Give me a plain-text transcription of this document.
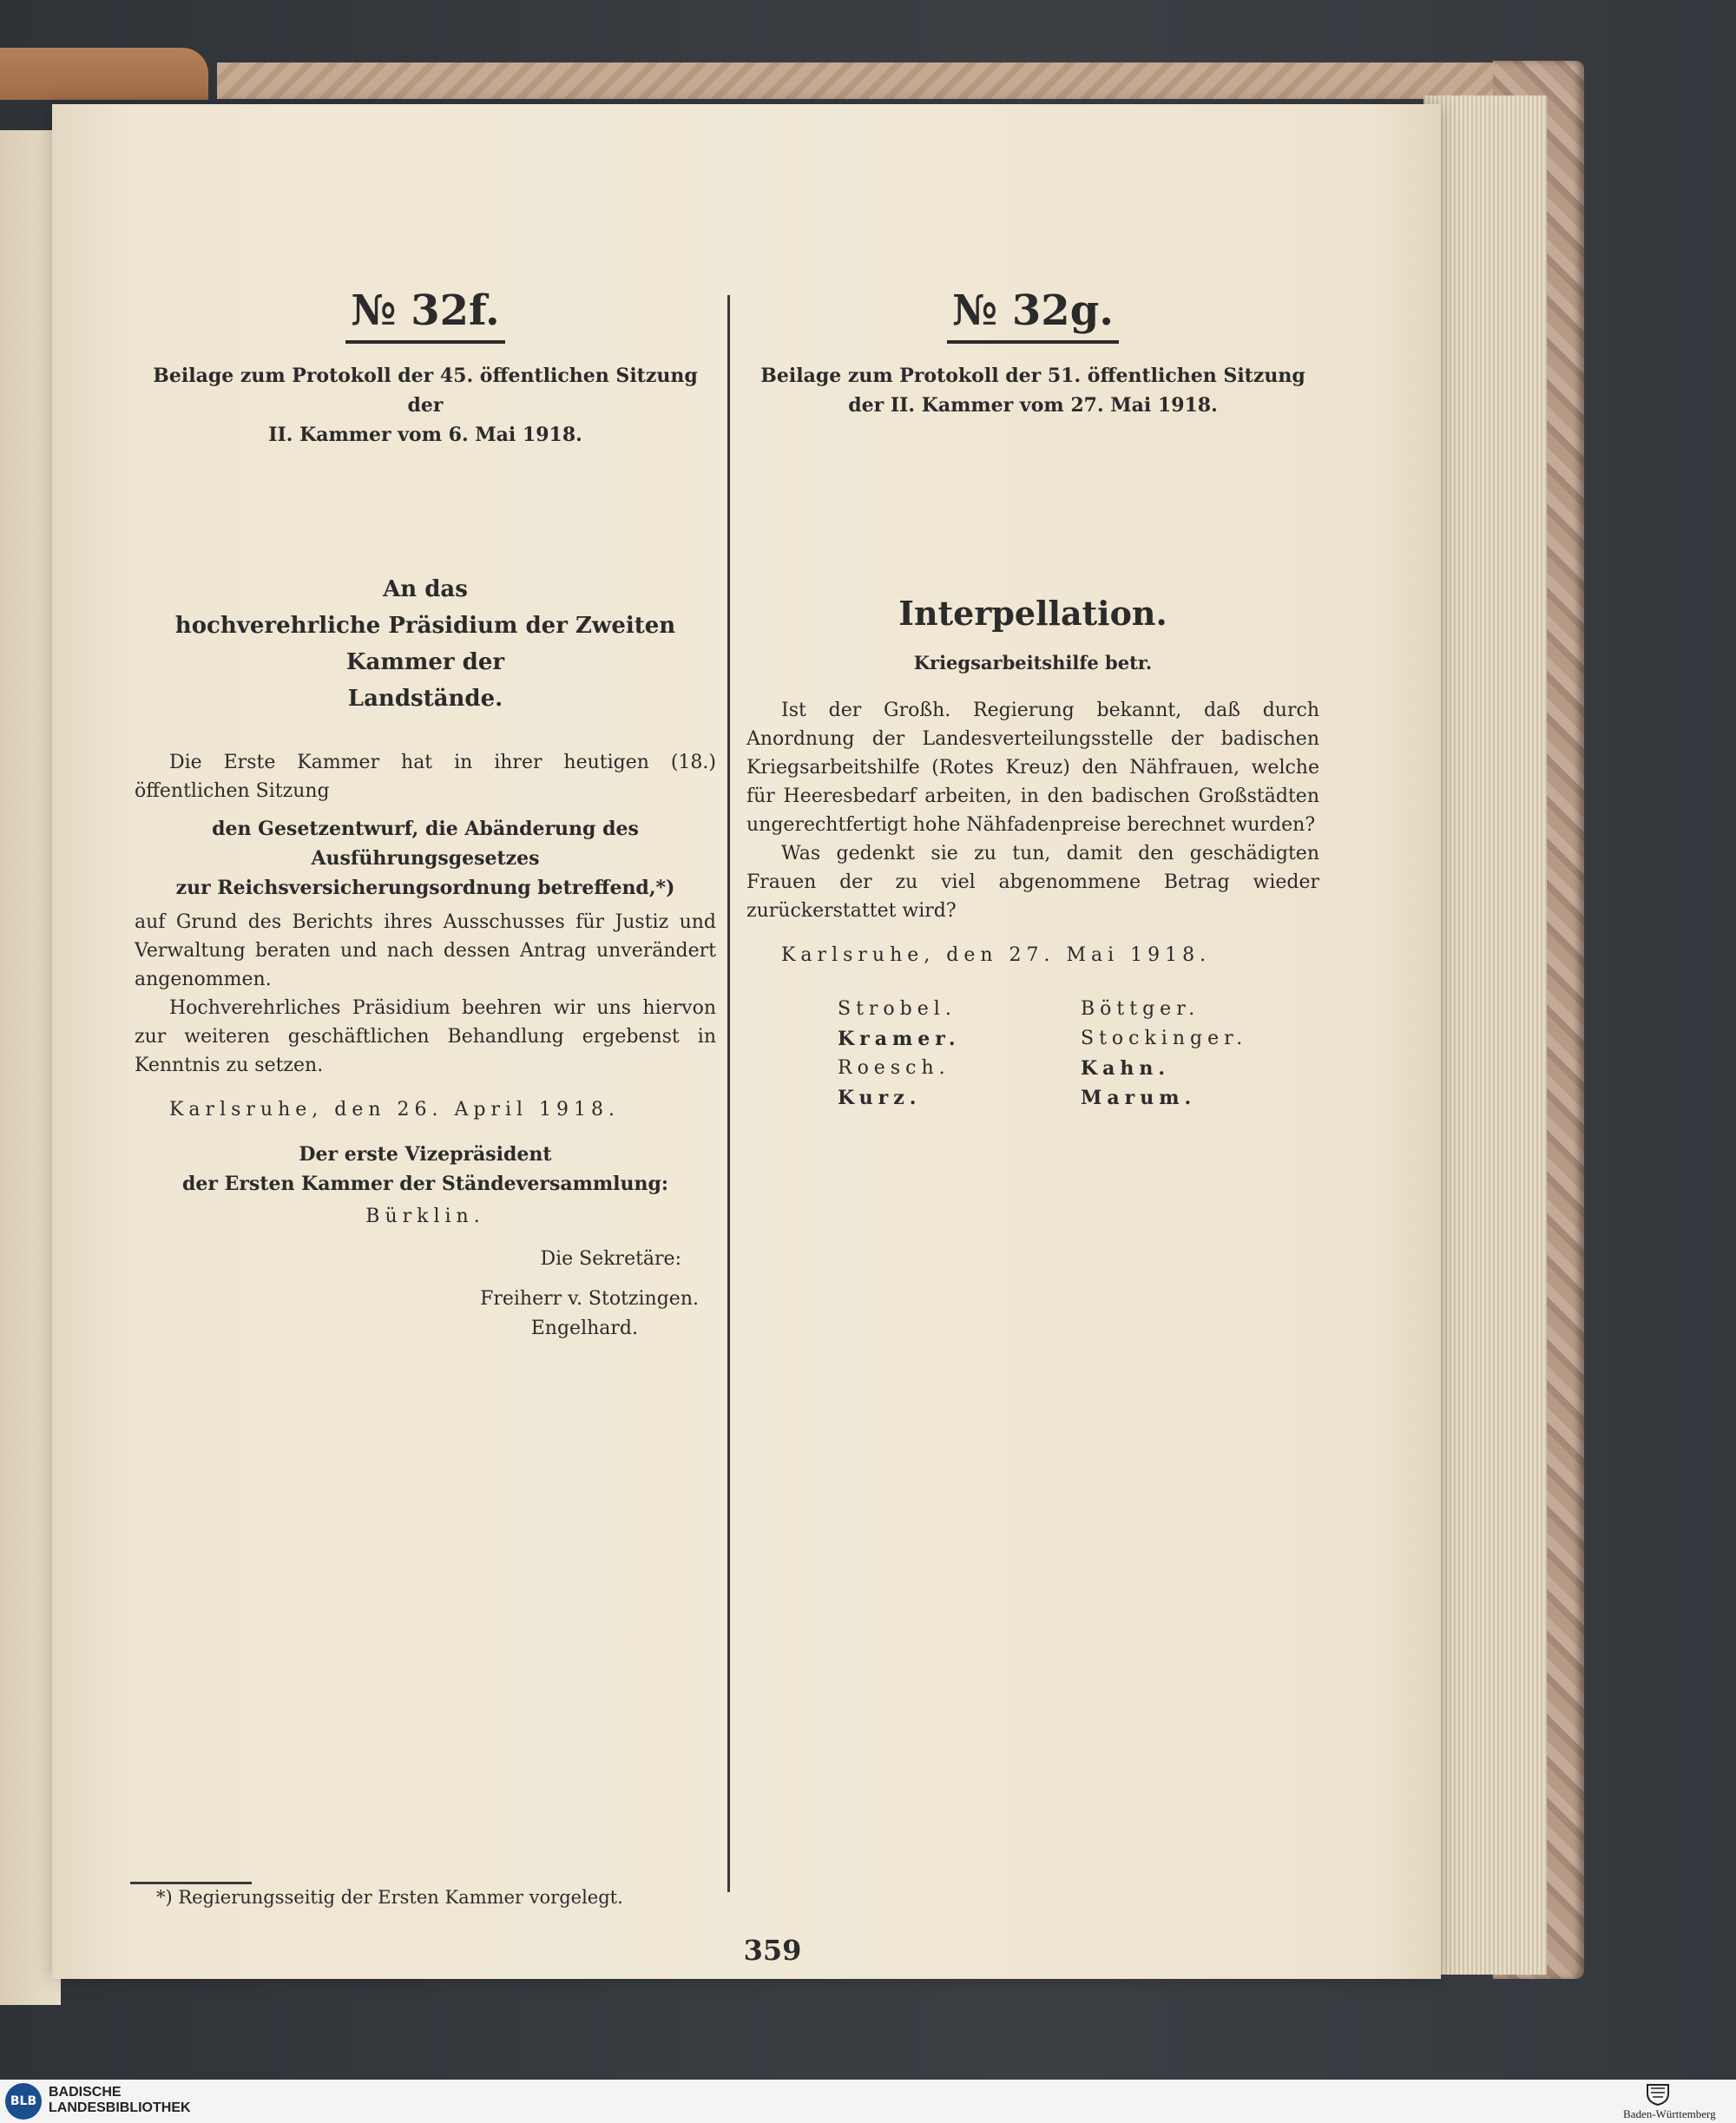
№ 32f.
Beilage zum Protokoll der 45. öffentlichen Sitzung der
II. Kammer vom 6. Mai 1918.
An das
hochverehrliche Präsidium der Zweiten Kammer der
Landstände.

Die Erste Kammer hat in ihrer heutigen (18.) öffentlichen Sitzung

den Gesetzentwurf, die Abänderung des Ausführungsgesetzes
zur Reichsversicherungsordnung betreffend,*)

auf Grund des Berichts ihres Ausschusses für Justiz und Verwaltung beraten und nach dessen Antrag unverändert angenommen.

Hochverehrliches Präsidium beehren wir uns hiervon zur weiteren geschäftlichen Behandlung ergebenst in Kenntnis zu setzen.

Karlsruhe, den 26. April 1918.

Der erste Vizepräsident
der Ersten Kammer der Ständeversammlung:
Bürklin.
Die Sekretäre:
Freiherr v. Stotzingen.
Engelhard.
№ 32g.
Beilage zum Protokoll der 51. öffentlichen Sitzung
der II. Kammer vom 27. Mai 1918.
Interpellation.
Kriegsarbeitshilfe betr.

Ist der Großh. Regierung bekannt, daß durch Anordnung der Landesverteilungsstelle der badischen Kriegsarbeitshilfe (Rotes Kreuz) den Nähfrauen, welche für Heeresbedarf arbeiten, in den badischen Großstädten ungerechtfertigt hohe Nähfadenpreise berechnet wurden?

Was gedenkt sie zu tun, damit den geschädigten Frauen der zu viel abgenommene Betrag wieder zurückerstattet wird?

Karlsruhe, den 27. Mai 1918.

Strobel.	Böttger.
Kramer.	Stockinger.
Roesch.	Kahn.
Kurz.	Marum.
*) Regierungsseitig der Ersten Kammer vorgelegt.
359
BLB
BADISCHE
LANDESBIBLIOTHEK	Baden-Württemberg
